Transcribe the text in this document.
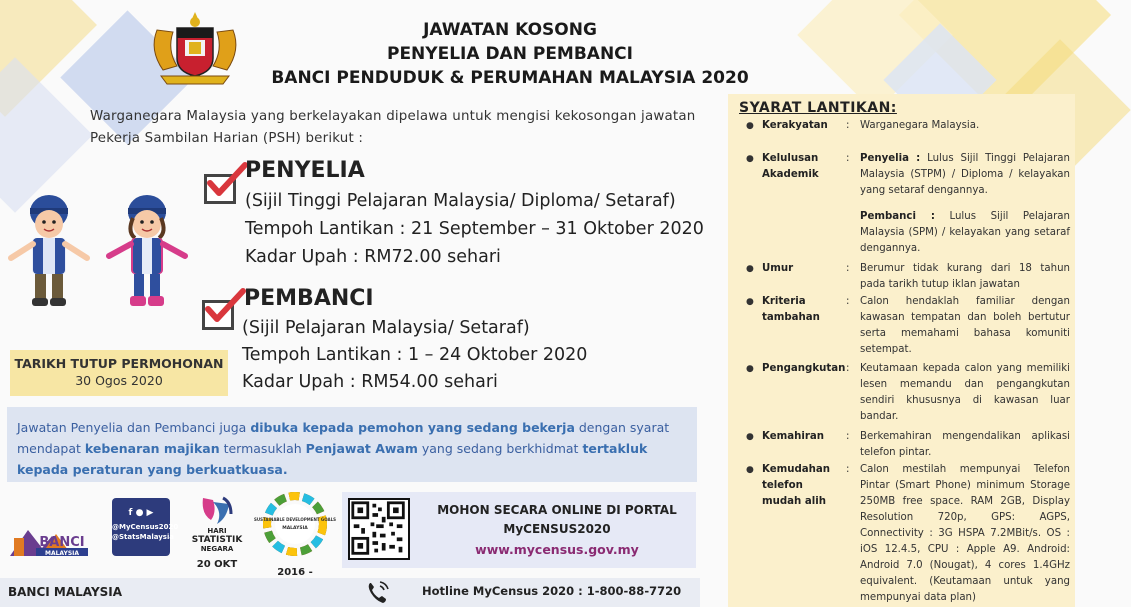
JAWATAN KOSONG
PENYELIA DAN PEMBANCI
BANCI PENDUDUK & PERUMAHAN MALAYSIA 2020
Warganegara Malaysia yang berkelayakan dipelawa untuk mengisi kekosongan jawatan Pekerja Sambilan Harian (PSH) berikut :
PENYELIA
(Sijil Tinggi Pelajaran Malaysia/ Diploma/ Setaraf)
Tempoh Lantikan : 21 September – 31 Oktober 2020
Kadar Upah : RM72.00 sehari
PEMBANCI
(Sijil Pelajaran Malaysia/ Setaraf)
Tempoh Lantikan : 1 – 24 Oktober 2020
Kadar Upah : RM54.00 sehari
TARIKH TUTUP PERMOHONAN
30 Ogos 2020
Jawatan Penyelia dan Pembanci juga dibuka kepada pemohon yang sedang bekerja dengan syarat mendapat kebenaran majikan termasuklah Penjawat Awam yang sedang berkhidmat tertakluk kepada peraturan yang berkuatkuasa.
BANCI
MALAYSIA
f ● ▶
@MyCensus2020
@StatsMalaysia
HARI
STATISTIK
NEGARA
20 OKT
SUSTAINABLE DEVELOPMENT GOALS
MALAYSIA
2016 -
MOHON SECARA ONLINE DI PORTAL
MyCENSUS2020
www.mycensus.gov.my
BANCI MALAYSIA	Hotline MyCensus 2020 : 1-800-88-7720
SYARAT LANTIKAN:
● Kerakyatan	: Warganegara Malaysia.
● Kelulusan Akademik
: Penyelia : Lulus Sijil Tinggi Pelajaran Malaysia (STPM) / Diploma / kelayakan yang setaraf dengannya.
Pembanci : Lulus Sijil Pelajaran Malaysia (SPM) / kelayakan yang setaraf dengannya.
● Umur	: Berumur tidak kurang dari 18 tahun pada tarikh tutup iklan jawatan
● Kriteria tambahan
: Calon hendaklah familiar dengan kawasan tempatan dan boleh bertutur serta memahami bahasa komuniti setempat.
● Pengangkutan : Keutamaan kepada calon yang memiliki lesen memandu dan pengangkutan sendiri khususnya di kawasan luar bandar.
● Kemahiran	: Berkemahiran mengendalikan aplikasi telefon pintar.
● Kemudahan telefon mudah alih
: Calon mestilah mempunyai Telefon Pintar (Smart Phone) minimum Storage 250MB free space. RAM 2GB, Display Resolution 720p, GPS: AGPS, Connectivity : 3G HSPA 7.2MBit/s. OS : iOS 12.4.5, CPU : Apple A9. Android: Android 7.0 (Nougat), 4 cores 1.4GHz equivalent. (Keutamaan untuk yang mempunyai data plan)
